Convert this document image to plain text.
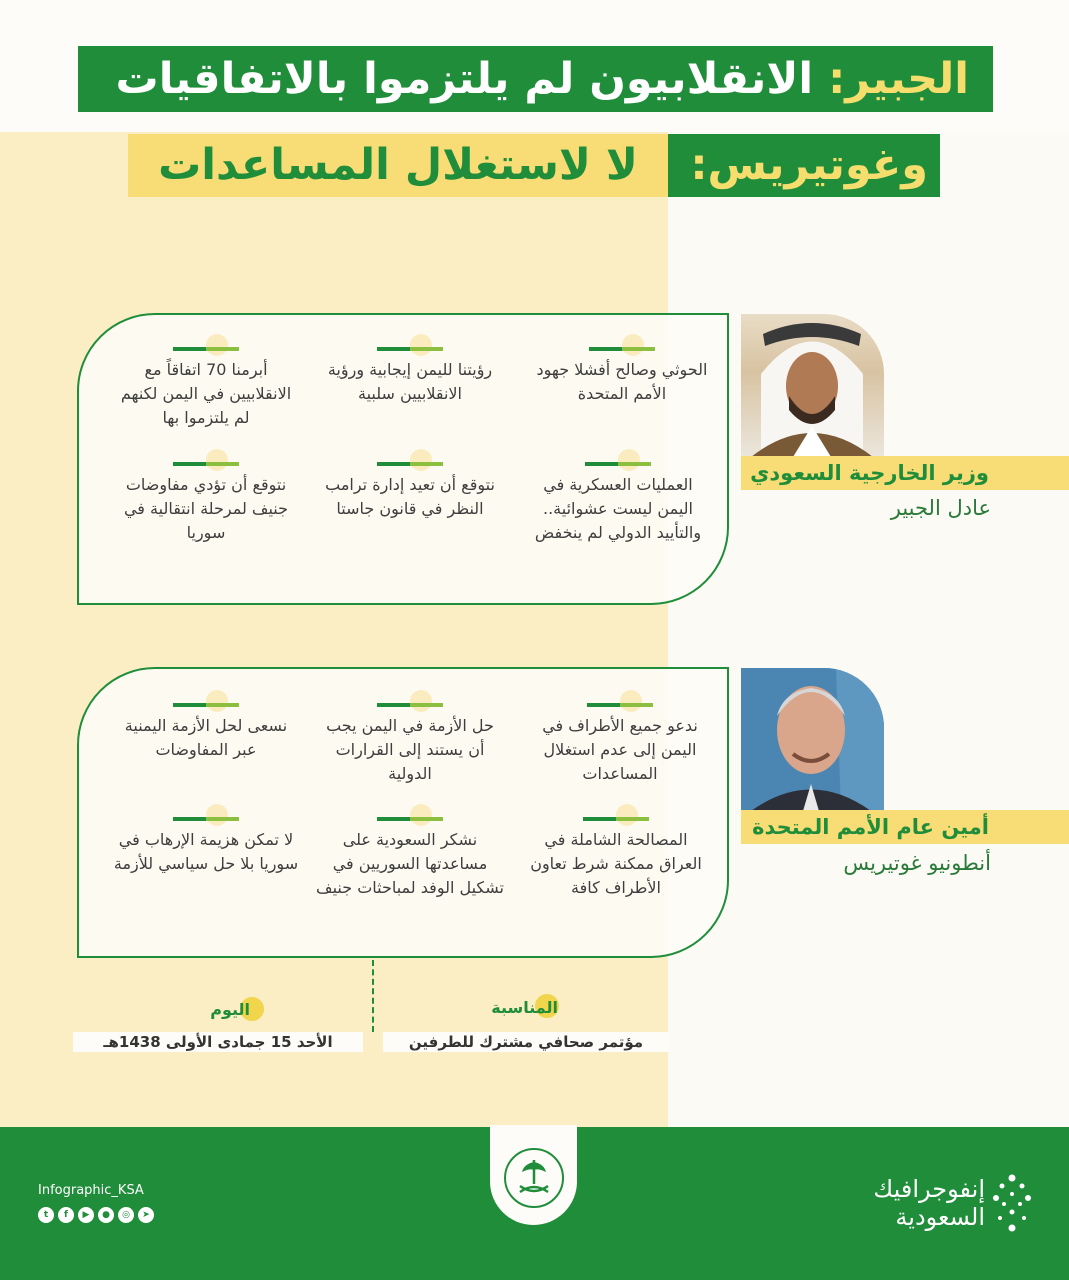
الجبير: الانقلابيون لم يلتزموا بالاتفاقيات
وغوتيريس:
لا لاستغلال المساعدات
الحوثي وصالح أفشلا جهود الأمم المتحدة
رؤيتنا لليمن إيجابية ورؤية الانقلابيين سلبية
أبرمنا 70 اتفاقاً مع الانقلابيين في اليمن لكنهم لم يلتزموا بها
العمليات العسكرية في اليمن ليست عشوائية.. والتأييد الدولي لم ينخفض
نتوقع أن تعيد إدارة ترامب النظر في قانون جاستا
نتوقع أن تؤدي مفاوضات جنيف لمرحلة انتقالية في سوريا
وزير الخارجية السعودي
عادل الجبير
ندعو جميع الأطراف في اليمن إلى عدم استغلال المساعدات
حل الأزمة في اليمن يجب أن يستند إلى القرارات الدولية
نسعى لحل الأزمة اليمنية عبر المفاوضات
المصالحة الشاملة في العراق ممكنة شرط تعاون الأطراف كافة
نشكر السعودية على مساعدتها السوريين في تشكيل الوفد لمباحثات جنيف
لا تمكن هزيمة الإرهاب في سوريا بلا حل سياسي للأزمة
أمين عام الأمم المتحدة
أنطونيو غوتيريس
المناسبة
مؤتمر صحافي مشترك للطرفين
اليوم
الأحد 15 جمادى الأولى 1438هـ
Infographic_KSA
t	f	▶	●	◎	➤
إنفوجرافيك
السعودية
